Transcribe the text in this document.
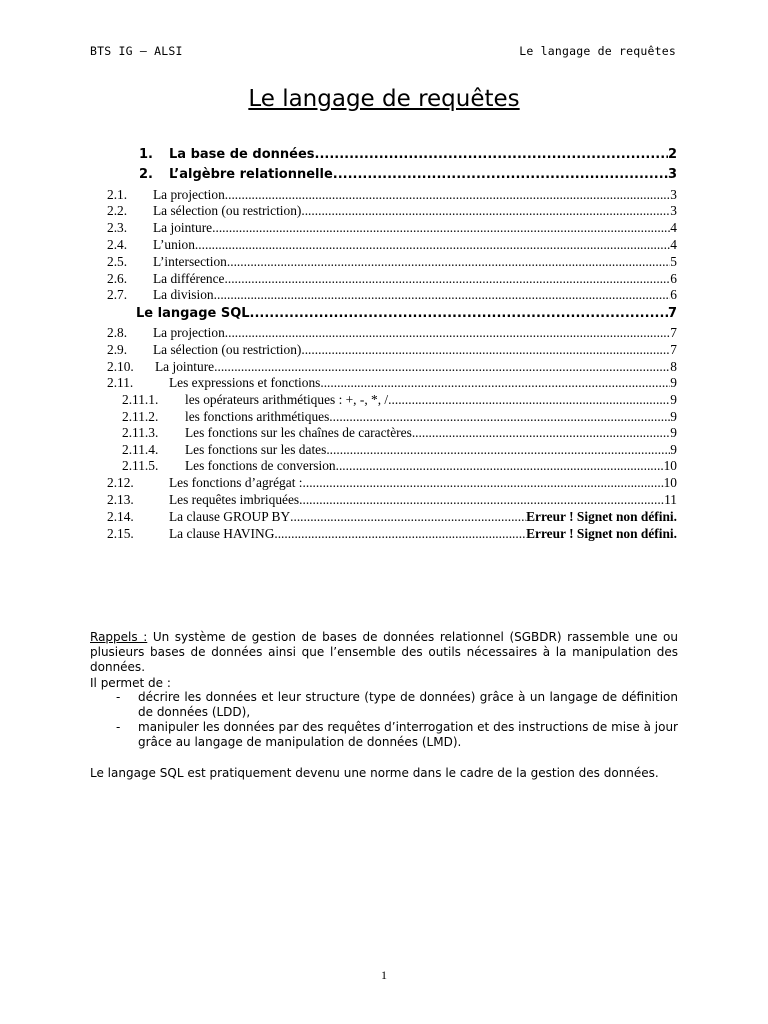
BTS IG – ALSI	Le langage de requêtes
Le langage de requêtes
1.	La base de données .....	2
2.	L’algèbre relationnelle .....	3
2.1.	La projection .....	3
2.2.	La sélection (ou restriction) .....	3
2.3.	La jointure .....	4
2.4.	L’union .....	4
2.5.	L’intersection .....	5
2.6.	La différence .....	6
2.7.	La division .....	6
Le langage SQL .....	7
2.8.	La projection .....	7
2.9.	La sélection (ou restriction) .....	7
2.10.	La jointure .....	8
2.11.	Les expressions et fonctions .....	9
2.11.1.	les opérateurs arithmétiques : +, -, *, / .....	9
2.11.2.	les fonctions arithmétiques .....	9
2.11.3.	Les fonctions sur les chaînes de caractères .....	9
2.11.4.	Les fonctions sur les dates .....	9
2.11.5.	Les fonctions de conversion .....	10
2.12.	Les fonctions d’agrégat : .....	10
2.13.	Les requêtes imbriquées .....	11
2.14.	La clause GROUP BY .....	Erreur ! Signet non défini.
2.15.	La clause HAVING .....	Erreur ! Signet non défini.
Rappels : Un système de gestion de bases de données relationnel (SGBDR) rassemble une ou plusieurs bases de données ainsi que l’ensemble des outils nécessaires à la manipulation des données.
Il permet de :
- décrire les données et leur structure (type de données) grâce à un langage de définition de données (LDD),
- manipuler les données par des requêtes d’interrogation et des instructions de mise à jour grâce au langage de manipulation de données (LMD).
Le langage SQL est pratiquement devenu une norme dans le cadre de la gestion des données.
1
